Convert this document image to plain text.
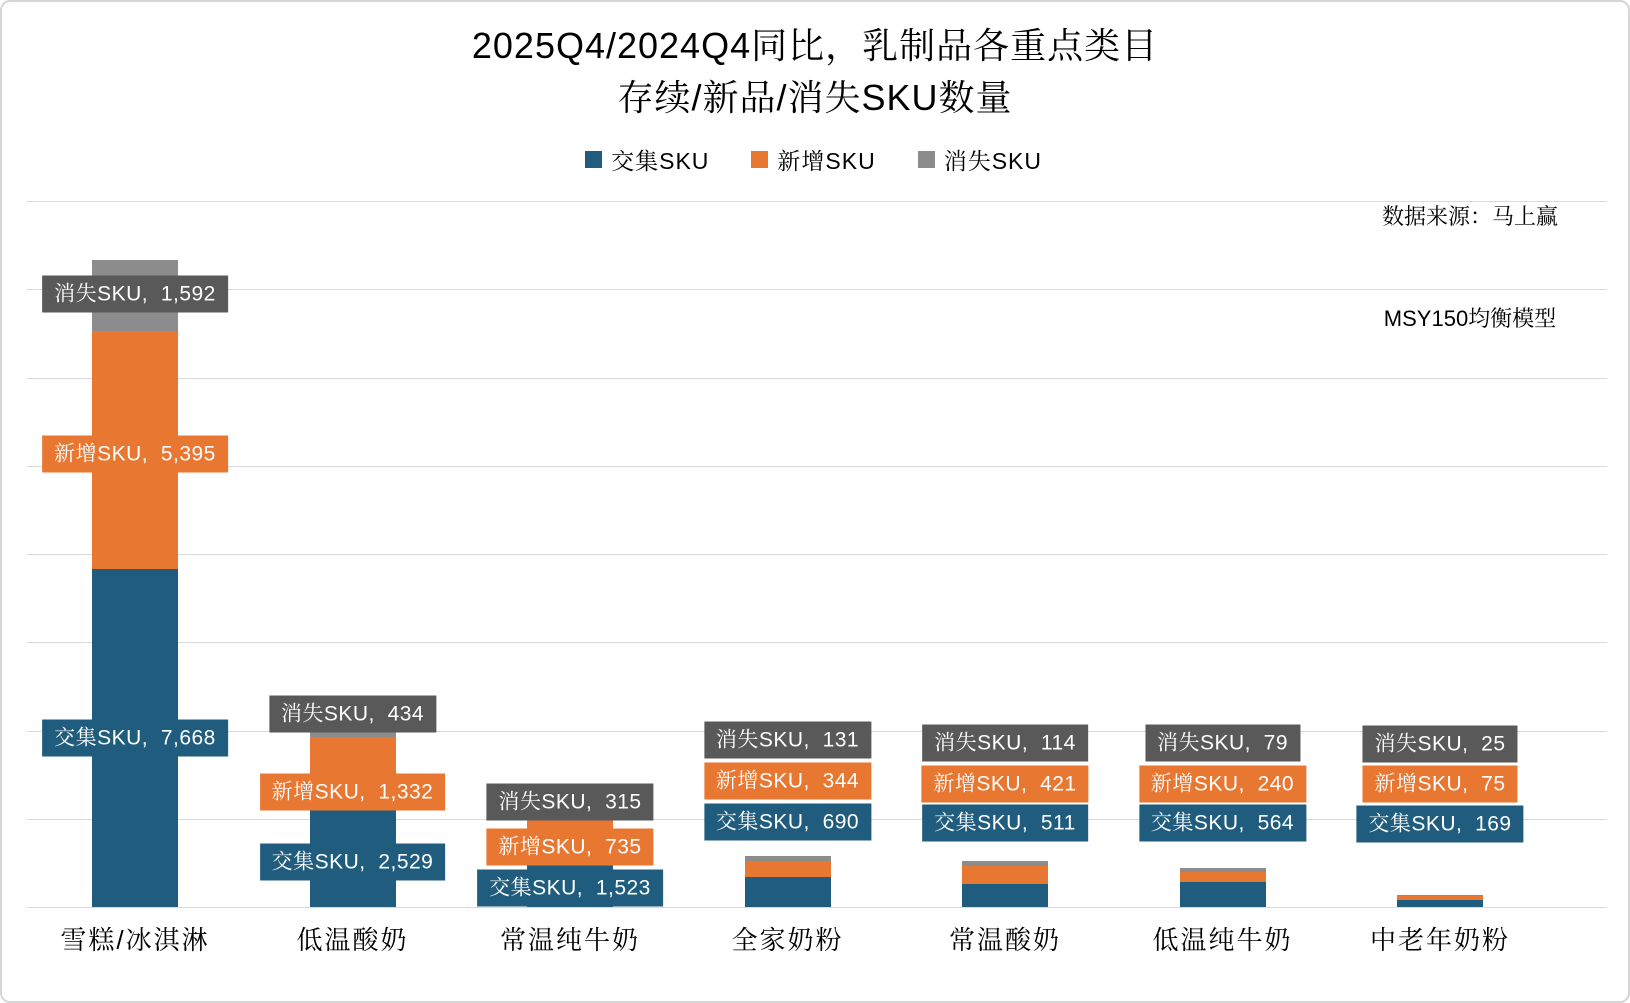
2025Q4/2024Q4同比，乳制品各重点类目
存续/新品/消失SKU数量
交集SKU	新增SKU	消失SKU

数据来源：马上赢

MSY150均衡模型

交集SKU,  7,668
新增SKU,  5,395
消失SKU,  1,592
交集SKU,  2,529
新增SKU,  1,332
消失SKU,  434
交集SKU,  1,523
新增SKU,  735
消失SKU,  315
交集SKU,  690
新增SKU,  344
消失SKU,  131
交集SKU,  511
新增SKU,  421
消失SKU,  114
交集SKU,  564
新增SKU,  240
消失SKU,  79
交集SKU,  169
新增SKU,  75
消失SKU,  25
雪糕/冰淇淋	低温酸奶	常温纯牛奶	全家奶粉	常温酸奶	低温纯牛奶	中老年奶粉
